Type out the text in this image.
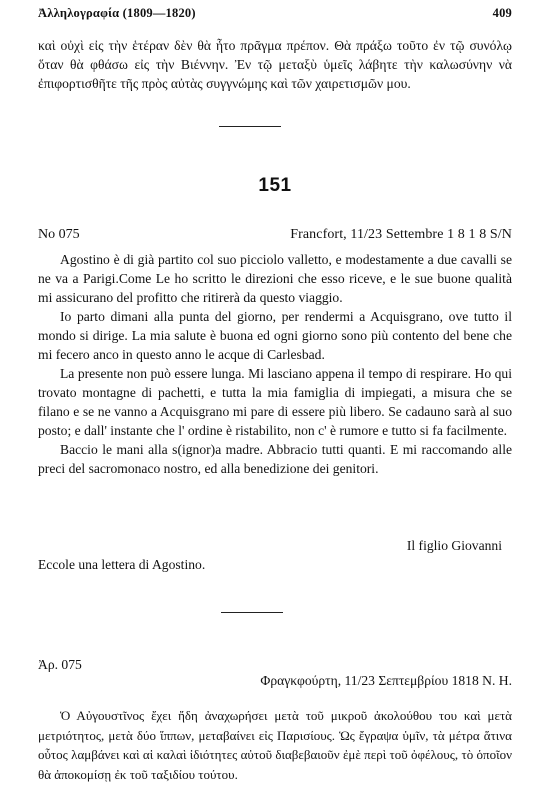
Ἀλληλογραφία (1809—1820)	409

καὶ οὐχὶ εἰς τὴν ἑτέραν δὲν θὰ ἦτο πρᾶγμα πρέπον. Θὰ πράξω τοῦτο ἐν τῷ συνόλῳ ὅταν θὰ φθάσω εἰς τὴν Βιέννην. Ἐν τῷ μεταξὺ ὑμεῖς λάβητε τὴν καλωσύνην νὰ ἐπιφορτισθῆτε τῆς πρὸς αὐτὰς συγγνώμης καὶ τῶν χαιρετισμῶν μου.

151
No 075	Francfort, 11/23 Settembre 1 8 1 8 S/N

Agostino è di già partito col suo picciolo valletto, e modestamente a due cavalli se ne va a Parigi.Come Le ho scritto le direzioni che esso riceve, e le sue buone qualità mi assicurano del profitto che ritirerà da questo viaggio.

Io parto dimani alla punta del giorno, per rendermi a Acquisgrano, ove tutto il mondo si dirige. La mia salute è buona ed ogni giorno sono più contento del bene che mi fecero anco in questo anno le acque di Carlesbad.

La presente non può essere lunga. Mi lasciano appena il tempo di respirare. Ho qui trovato montagne di pachetti, e tutta la mia famiglia di impiegati, a misura che se filano e se ne vanno a Acquisgrano mi pare di essere più libero. Se cadauno sarà al suo posto; e dall' instante che l' ordine è ristabilito, non c' è rumore e tutto si fa facilmente.

Baccio le mani alla s(ignor)a madre. Abbracio tutti quanti. E mi raccomando alle preci del sacromonaco nostro, ed alla benedizione dei genitori.

Il figlio Giovanni
Eccole una lettera di Agostino.
Ἀρ. 075
Φραγκφούρτη, 11/23 Σεπτεμβρίου 1818 Ν. Η.

Ὁ Αὐγουστῖνος ἔχει ἤδη ἀναχωρήσει μετὰ τοῦ μικροῦ ἀκολούθου του καὶ μετὰ μετριότητος, μετὰ δύο ἵππων, μεταβαίνει εἰς Παρισίους. Ὡς ἔγραψα ὑμῖν, τὰ μέτρα ἅτινα οὗτος λαμβάνει καὶ αἱ καλαὶ ἰδιότητες αὐτοῦ διαβεβαιοῦν ἐμὲ περὶ τοῦ ὀφέλους, τὸ ὁποῖον θὰ ἀποκομίσῃ ἐκ τοῦ ταξιδίου τούτου.
